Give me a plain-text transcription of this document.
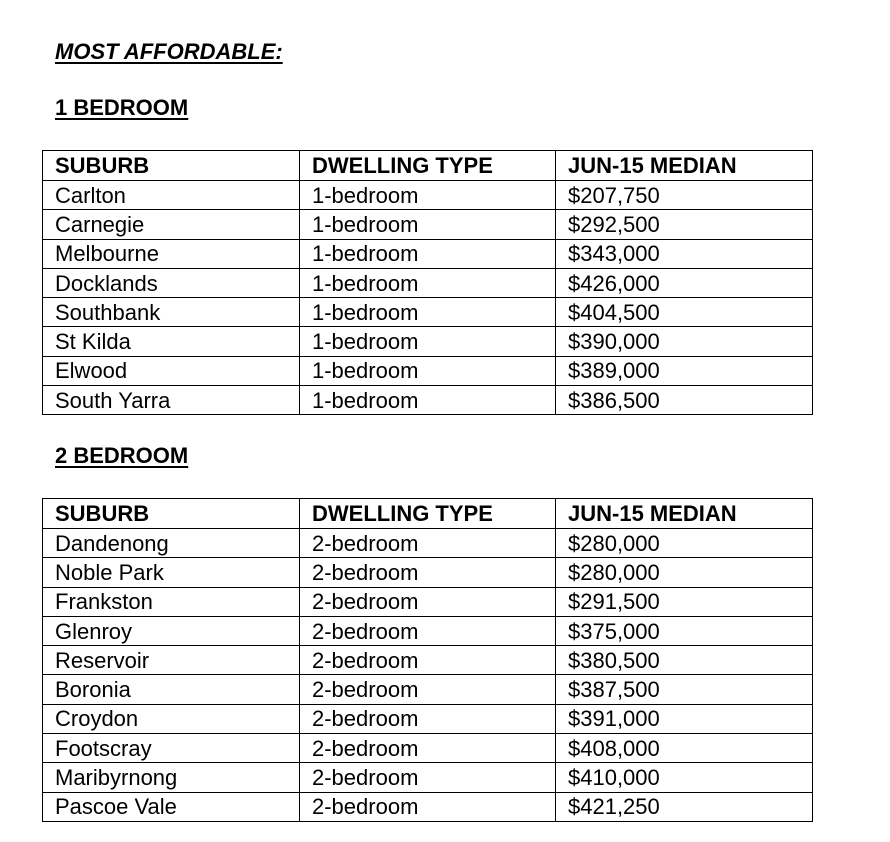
MOST AFFORDABLE:
1 BEDROOM
SUBURB	DWELLING TYPE	JUN-15 MEDIAN
Carlton	1-bedroom	$207,750
Carnegie	1-bedroom	$292,500
Melbourne	1-bedroom	$343,000
Docklands	1-bedroom	$426,000
Southbank	1-bedroom	$404,500
St Kilda	1-bedroom	$390,000
Elwood	1-bedroom	$389,000
South Yarra	1-bedroom	$386,500
2 BEDROOM
SUBURB	DWELLING TYPE	JUN-15 MEDIAN
Dandenong	2-bedroom	$280,000
Noble Park	2-bedroom	$280,000
Frankston	2-bedroom	$291,500
Glenroy	2-bedroom	$375,000
Reservoir	2-bedroom	$380,500
Boronia	2-bedroom	$387,500
Croydon	2-bedroom	$391,000
Footscray	2-bedroom	$408,000
Maribyrnong	2-bedroom	$410,000
Pascoe Vale	2-bedroom	$421,250
